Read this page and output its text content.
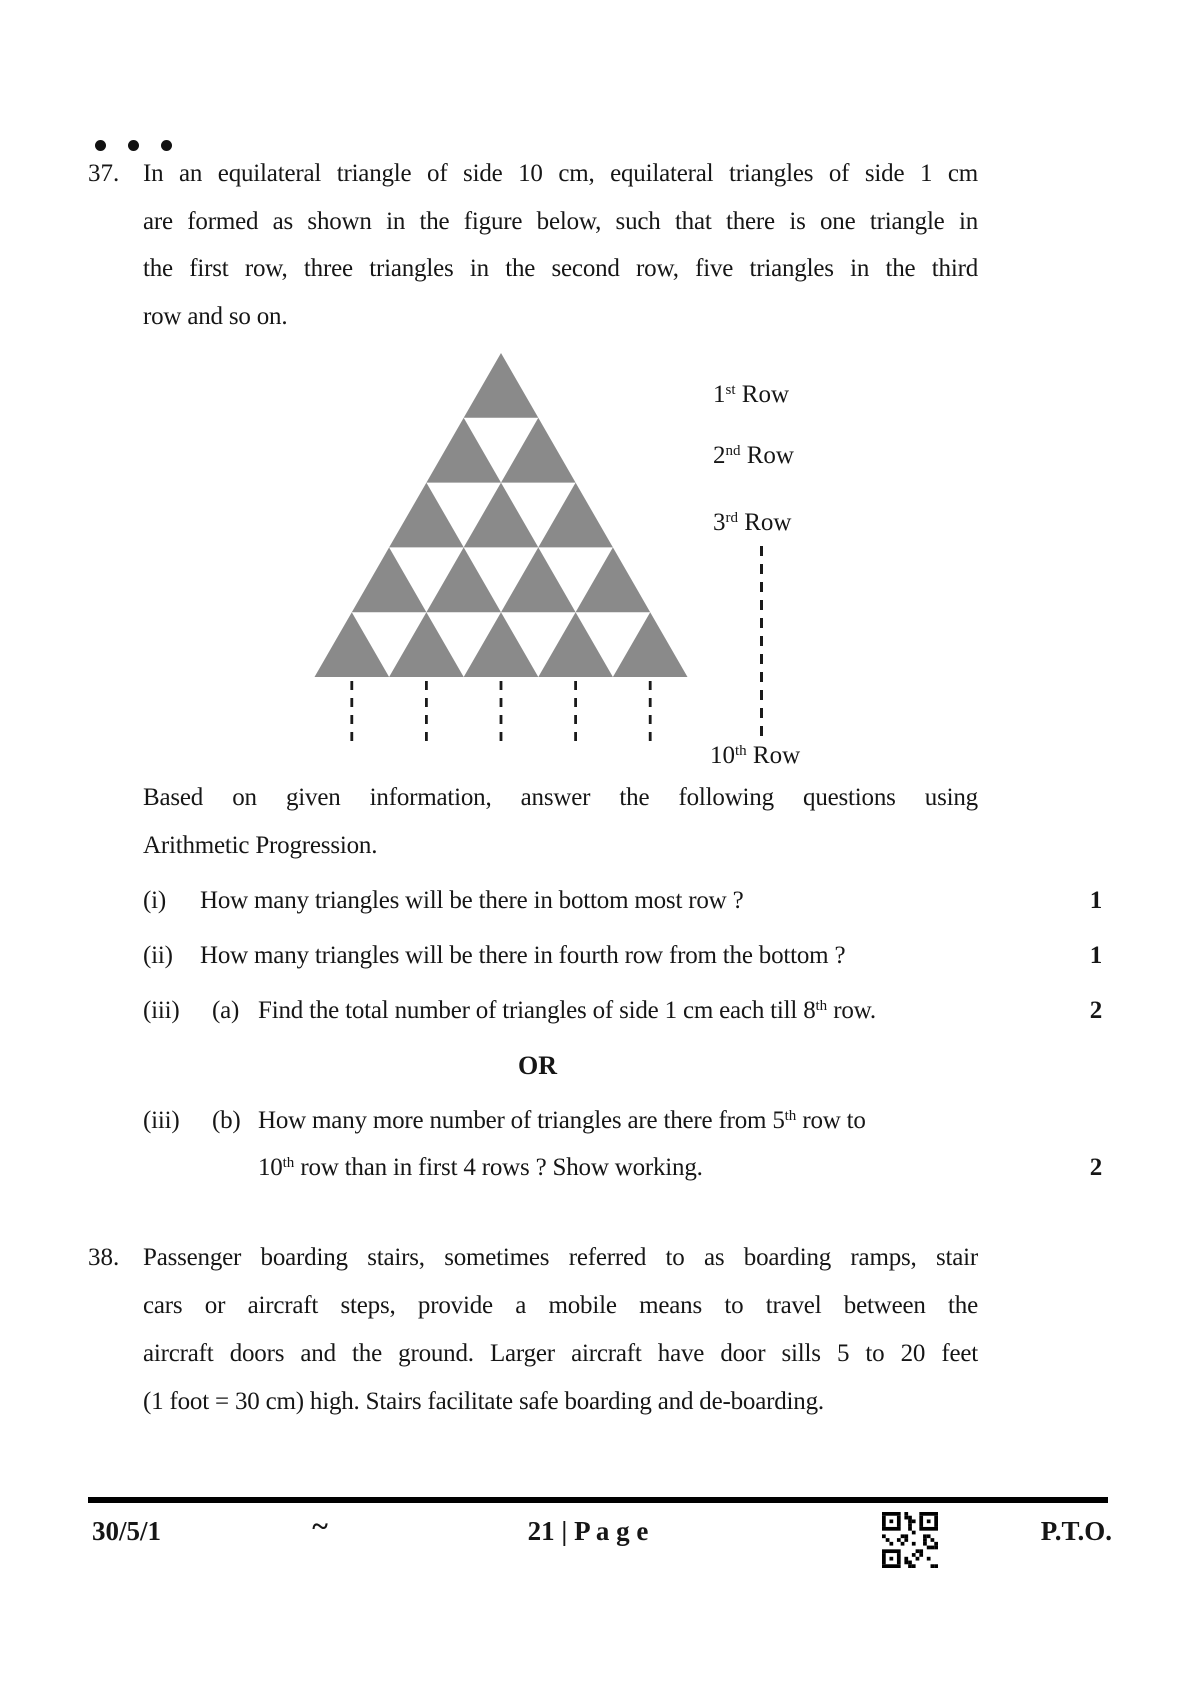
37. In an equilateral triangle of side 10 cm, equilateral triangles of side 1 cm
are formed as shown in the figure below, such that there is one triangle in
the first row, three triangles in the second row, five triangles in the third
row and so on.
1st Row
2nd Row
3rd Row
10th Row
Based on given information, answer the following questions using
Arithmetic Progression.
(i) How many triangles will be there in bottom most row ?	1
(ii) How many triangles will be there in fourth row from the bottom ?	1
(iii) (a) Find the total number of triangles of side 1 cm each till 8th row.	2
OR
(iii) (b) How many more number of triangles are there from 5th row to
10th row than in first 4 rows ? Show working.	2
38. Passenger boarding stairs, sometimes referred to as boarding ramps, stair
cars or aircraft steps, provide a mobile means to travel between the
aircraft doors and the ground. Larger aircraft have door sills 5 to 20 feet
(1 foot = 30 cm) high. Stairs facilitate safe boarding and de-boarding.
30/5/1	~	21 | P a g e	P.T.O.
